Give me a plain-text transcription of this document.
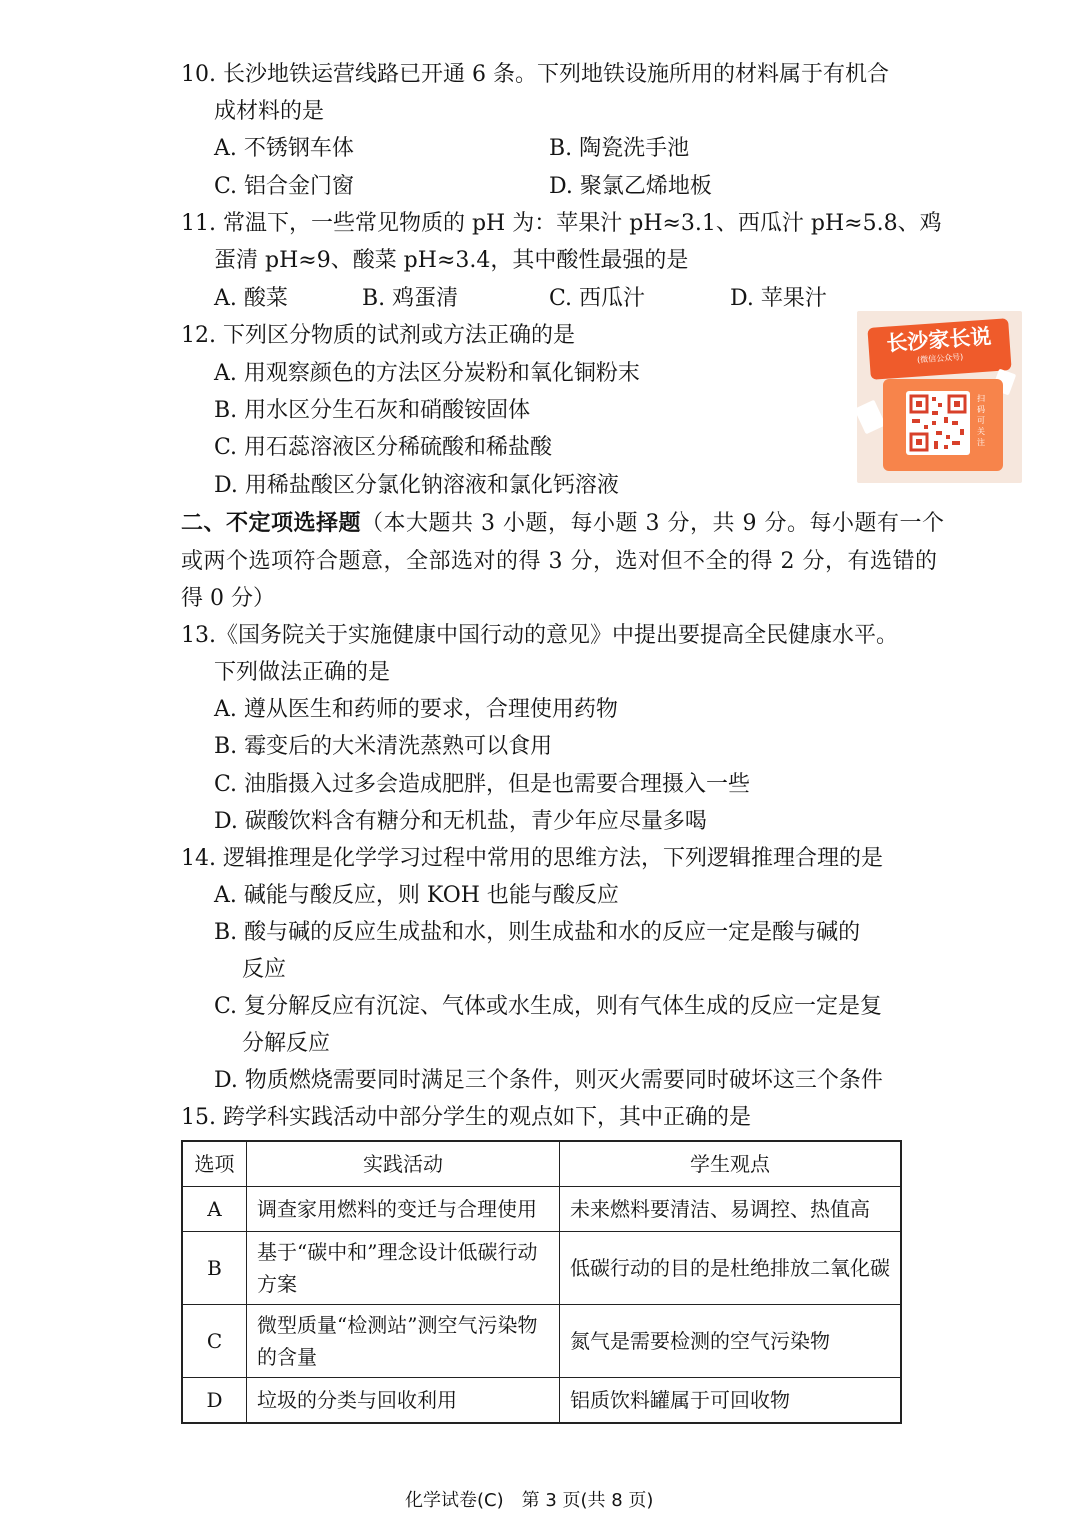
10. 长沙地铁运营线路已开通 6 条。下列地铁设施所用的材料属于有机合
成材料的是
A. 不锈钢车体	B. 陶瓷洗手池
C. 铝合金门窗	D. 聚氯乙烯地板
11. 常温下，一些常见物质的 pH 为：苹果汁 pH≈3.1、西瓜汁 pH≈5.8、鸡
蛋清 pH≈9、酸菜 pH≈3.4，其中酸性最强的是
A. 酸菜	B. 鸡蛋清	C. 西瓜汁	D. 苹果汁
12. 下列区分物质的试剂或方法正确的是
A. 用观察颜色的方法区分炭粉和氧化铜粉末
B. 用水区分生石灰和硝酸铵固体
C. 用石蕊溶液区分稀硫酸和稀盐酸
D. 用稀盐酸区分氯化钠溶液和氯化钙溶液
长沙家长说
(微信公众号)
扫码可关注
二、不定项选择题（本大题共 3 小题，每小题 3 分，共 9 分。每小题有一个
或两个选项符合题意，全部选对的得 3 分，选对但不全的得 2 分，有选错的
得 0 分）
13.《国务院关于实施健康中国行动的意见》中提出要提高全民健康水平。
下列做法正确的是
A. 遵从医生和药师的要求，合理使用药物
B. 霉变后的大米清洗蒸熟可以食用
C. 油脂摄入过多会造成肥胖，但是也需要合理摄入一些
D. 碳酸饮料含有糖分和无机盐，青少年应尽量多喝
14. 逻辑推理是化学学习过程中常用的思维方法，下列逻辑推理合理的是
A. 碱能与酸反应，则 KOH 也能与酸反应
B. 酸与碱的反应生成盐和水，则生成盐和水的反应一定是酸与碱的
反应
C. 复分解反应有沉淀、气体或水生成，则有气体生成的反应一定是复
分解反应
D. 物质燃烧需要同时满足三个条件，则灭火需要同时破坏这三个条件
15. 跨学科实践活动中部分学生的观点如下，其中正确的是
选项	实践活动	学生观点
A	调查家用燃料的变迁与合理使用	未来燃料要清洁、易调控、热值高
B	基于“碳中和”理念设计低碳行动方案	低碳行动的目的是杜绝排放二氧化碳
C	微型质量“检测站”测空气污染物的含量	氮气是需要检测的空气污染物
D	垃圾的分类与回收利用	铝质饮料罐属于可回收物
化学试卷(C)　第 3 页(共 8 页)
